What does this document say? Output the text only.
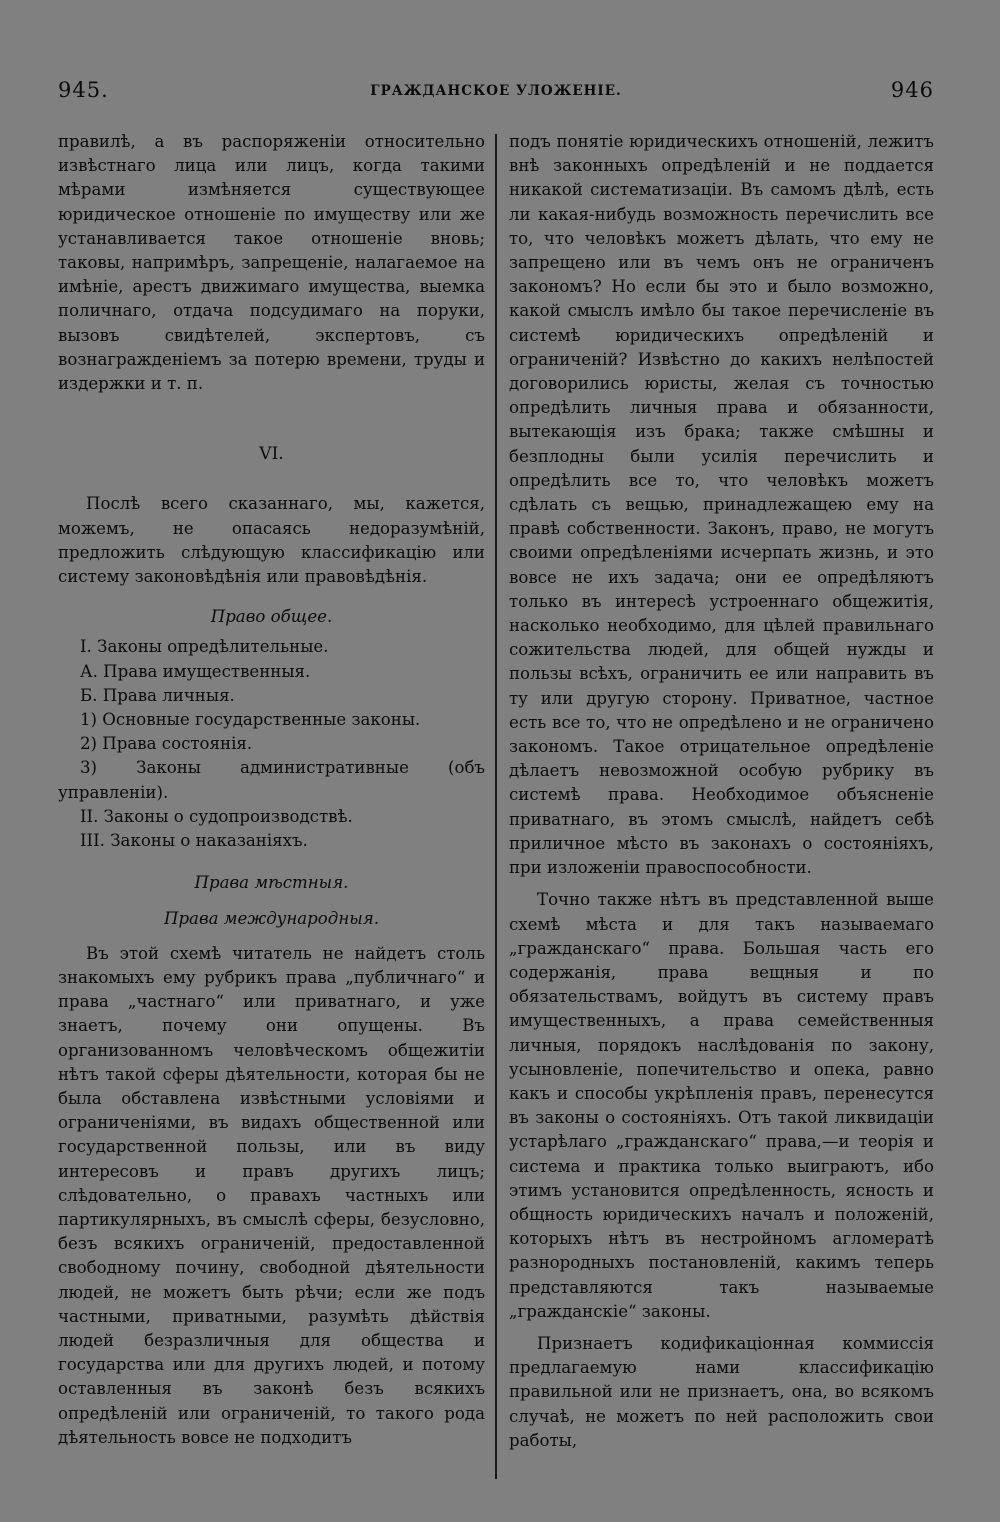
945.	ГРАЖДАНСКОЕ УЛОЖЕНІЕ.	946

правилѣ, а въ распоряженіи относительно извѣстнаго лица или лицъ, когда такими мѣрами измѣняется существующее юридическое отношеніе по имуществу или же устанавливается такое отношеніе вновь; таковы, напримѣръ, запрещеніе, налагаемое на имѣніе, арестъ движимаго имущества, выемка поличнаго, отдача подсудимаго на поруки, вызовъ свидѣтелей, экспертовъ, съ вознагражденіемъ за потерю времени, труды и издержки и т. п.

VI.

Послѣ всего сказаннаго, мы, кажется, можемъ, не опасаясь недоразумѣній, предложить слѣдующую классификацію или систему законовѣдѣнія или правовѣдѣнія.

Право общее.

I. Законы опредѣлительные.

А. Права имущественныя.

Б. Права личныя.

1) Основные государственные законы.

2) Права состоянія.

3) Законы административные (объ управленіи).

II. Законы о судопроизводствѣ.

III. Законы о наказаніяхъ.

Права мѣстныя.

Права международныя.

Въ этой схемѣ читатель не найдетъ столь знакомыхъ ему рубрикъ права „публичнаго“ и права „частнаго“ или приватнаго, и уже знаетъ, почему они опущены. Въ организованномъ человѣческомъ общежитіи нѣтъ такой сферы дѣятельности, которая бы не была обставлена извѣстными условіями и ограниченіями, въ видахъ общественной или государственной пользы, или въ виду интересовъ и правъ другихъ лицъ; слѣдовательно, о правахъ частныхъ или партикулярныхъ, въ смыслѣ сферы, безусловно, безъ всякихъ ограниченій, предоставленной свободному почину, свободной дѣятельности людей, не можетъ быть рѣчи; если же подъ частными, приватными, разумѣть дѣйствія людей безразличныя для общества и государства или для другихъ людей, и потому оставленныя въ законѣ безъ всякихъ опредѣленій или ограниченій, то такого рода дѣятельность вовсе не подходитъ

подъ понятіе юридическихъ отношеній, лежитъ внѣ законныхъ опредѣленій и не поддается никакой систематизаціи. Въ самомъ дѣлѣ, есть ли какая-нибудь возможность перечислить все то, что человѣкъ можетъ дѣлать, что ему не запрещено или въ чемъ онъ не ограниченъ закономъ? Но если бы это и было возможно, какой смыслъ имѣло бы такое перечисленіе въ системѣ юридическихъ опредѣленій и ограниченій? Извѣстно до какихъ нелѣпостей договорились юристы, желая съ точностью опредѣлить личныя права и обязанности, вытекающія изъ брака; также смѣшны и безплодны были усилія перечислить и опредѣлить все то, что человѣкъ можетъ сдѣлать съ вещью, принадлежащею ему на правѣ собственности. Законъ, право, не могутъ своими опредѣленіями исчерпать жизнь, и это вовсе не ихъ задача; они ее опредѣляютъ только въ интересѣ устроеннаго общежитія, насколько необходимо, для цѣлей правильнаго сожительства людей, для общей нужды и пользы всѣхъ, ограничить ее или направить въ ту или другую сторону. Приватное, частное есть все то, что не опредѣлено и не ограничено закономъ. Такое отрицательное опредѣленіе дѣлаетъ невозможной особую рубрику въ системѣ права. Необходимое объясненіе приватнаго, въ этомъ смыслѣ, найдетъ себѣ приличное мѣсто въ законахъ о состояніяхъ, при изложеніи правоспособности.

Точно также нѣтъ въ представленной выше схемѣ мѣста и для такъ называемаго „гражданскаго“ права. Большая часть его содержанія, права вещныя и по обязательствамъ, войдутъ въ систему правъ имущественныхъ, а права семейственныя личныя, порядокъ наслѣдованія по закону, усыновленіе, попечительство и опека, равно какъ и способы укрѣпленія правъ, перенесутся въ законы о состояніяхъ. Отъ такой ликвидаціи устарѣлаго „гражданскаго“ права,—и теорія и система и практика только выиграютъ, ибо этимъ установится опредѣленность, ясность и общность юридическихъ началъ и положеній, которыхъ нѣтъ въ нестройномъ агломератѣ разнородныхъ постановленій, какимъ теперь представляются такъ называемые „гражданскіе“ законы.

Признаетъ кодификаціонная коммиссія предлагаемую нами классификацію правильной или не признаетъ, она, во всякомъ случаѣ, не можетъ по ней расположить свои работы,
